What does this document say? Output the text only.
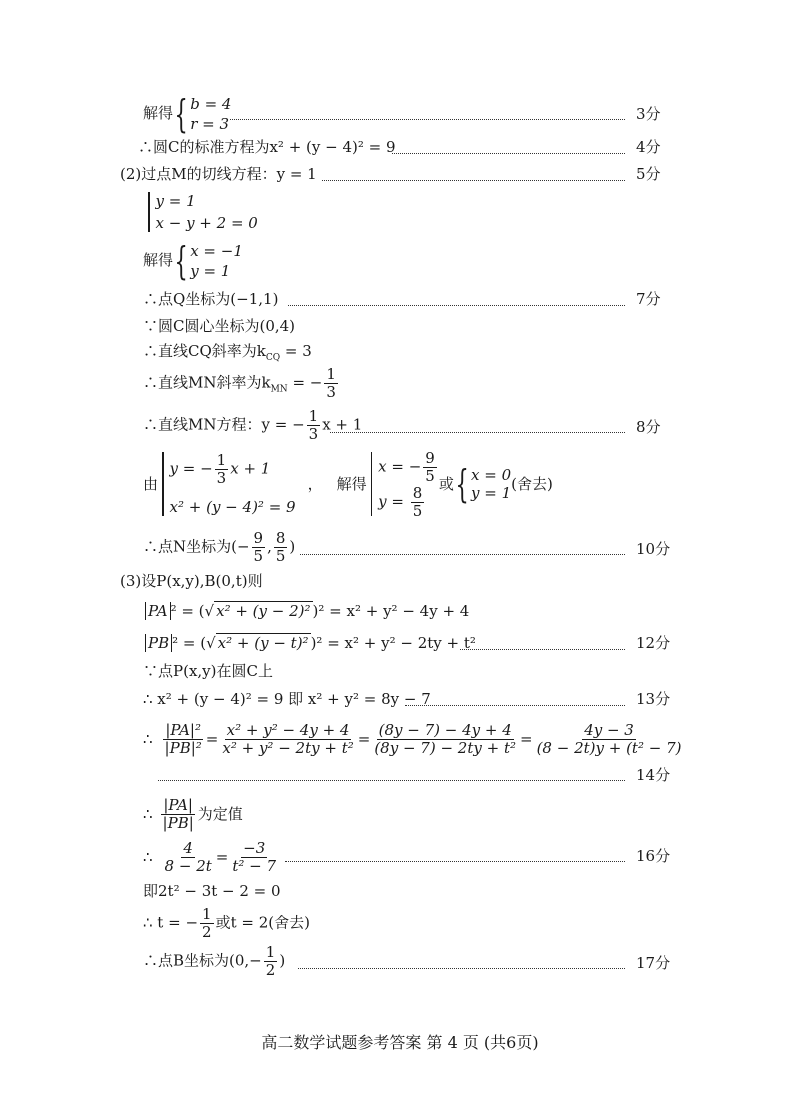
解得 { b = 4
r = 3
3分
∴圆C的标准方程为x² + (y − 4)² = 9	4分
(2)过点M的切线方程：y = 1	5分
y = 1
x − y + 2 = 0
解得 { x = −1
y = 1
∴点Q坐标为(−1,1)	7分
∵圆C圆心坐标为(0,4)
∴直线CQ斜率为$k_{CQ} = 3$
∴直线MN斜率为$k_{MN}$ = − $\frac{1}{3}$
∴直线MN方程：y = − $\frac{1}{3}$ x + 1	8分
由
y = − $\frac{1}{3}$ x + 1
x² + (y − 4)² = 9
， 解得
x = − $\frac{9}{5}$
$y = \frac{8}{5}$
或 { x = 0
y = 1 (舍去)
∴点N坐标为(− $\frac{9}{5}$ , $\frac{8}{5}$ )	10分
(3)设P(x,y),B(0,t)则
PA ² = (√ x² + (y − 2)² )² = x² + y² − 4y + 4
PB ² = (√ x² + (y − t)² )² = x² + y² − 2ty + t²	12分
∵点P(x,y)在圆C上
∴ x² + (y − 4)² = 9 即 x² + y² = 8y − 7	13分
∴ $\frac{\text{|PA|²}}{\text{|PB|²}} = \frac{\text{x² + y² − 4y + 4}}{\text{x² + y² − 2ty + t²}} = \frac{(8y - 7) - 4y + 4}{\text{(8y − 7) − 2ty + t²}} = \frac{4y - 3}{\text{(8 − 2t)y + (t² − 7)}}$
14分
∴ $\frac{|PA|}{|PB|}$ 为定值
∴ $\frac{4}{8 - 2t} = \frac{-3}{\text{t² − 7}}$	16分
即2t² − 3t − 2 = 0
∴ t = − $\frac{1}{2}$ 或t = 2(舍去)
∴点B坐标为($0,- \frac{1}{2}$ )	17分
高二数学试题参考答案 第 4 页 (共6页)
